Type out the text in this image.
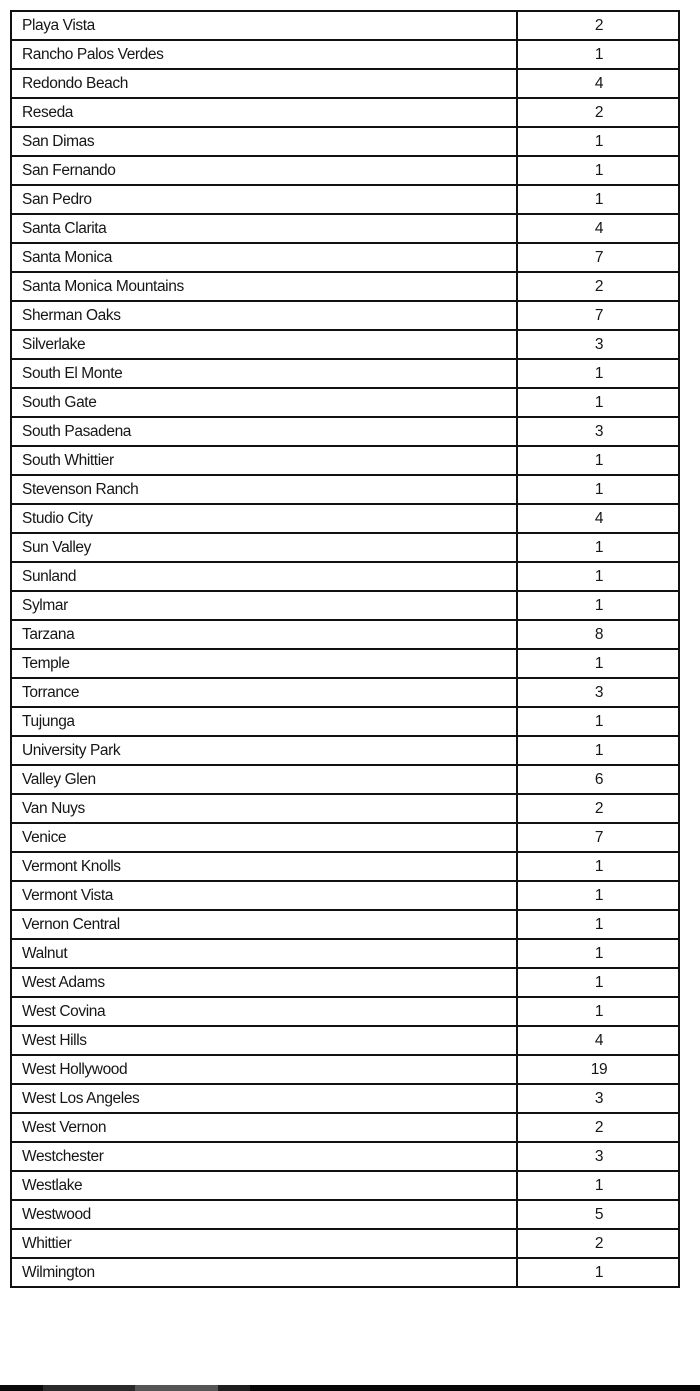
Playa Vista	2
Rancho Palos Verdes	1
Redondo Beach	4
Reseda	2
San Dimas	1
San Fernando	1
San Pedro	1
Santa Clarita	4
Santa Monica	7
Santa Monica Mountains	2
Sherman Oaks	7
Silverlake	3
South El Monte	1
South Gate	1
South Pasadena	3
South Whittier	1
Stevenson Ranch	1
Studio City	4
Sun Valley	1
Sunland	1
Sylmar	1
Tarzana	8
Temple	1
Torrance	3
Tujunga	1
University Park	1
Valley Glen	6
Van Nuys	2
Venice	7
Vermont Knolls	1
Vermont Vista	1
Vernon Central	1
Walnut	1
West Adams	1
West Covina	1
West Hills	4
West Hollywood	19
West Los Angeles	3
West Vernon	2
Westchester	3
Westlake	1
Westwood	5
Whittier	2
Wilmington	1
